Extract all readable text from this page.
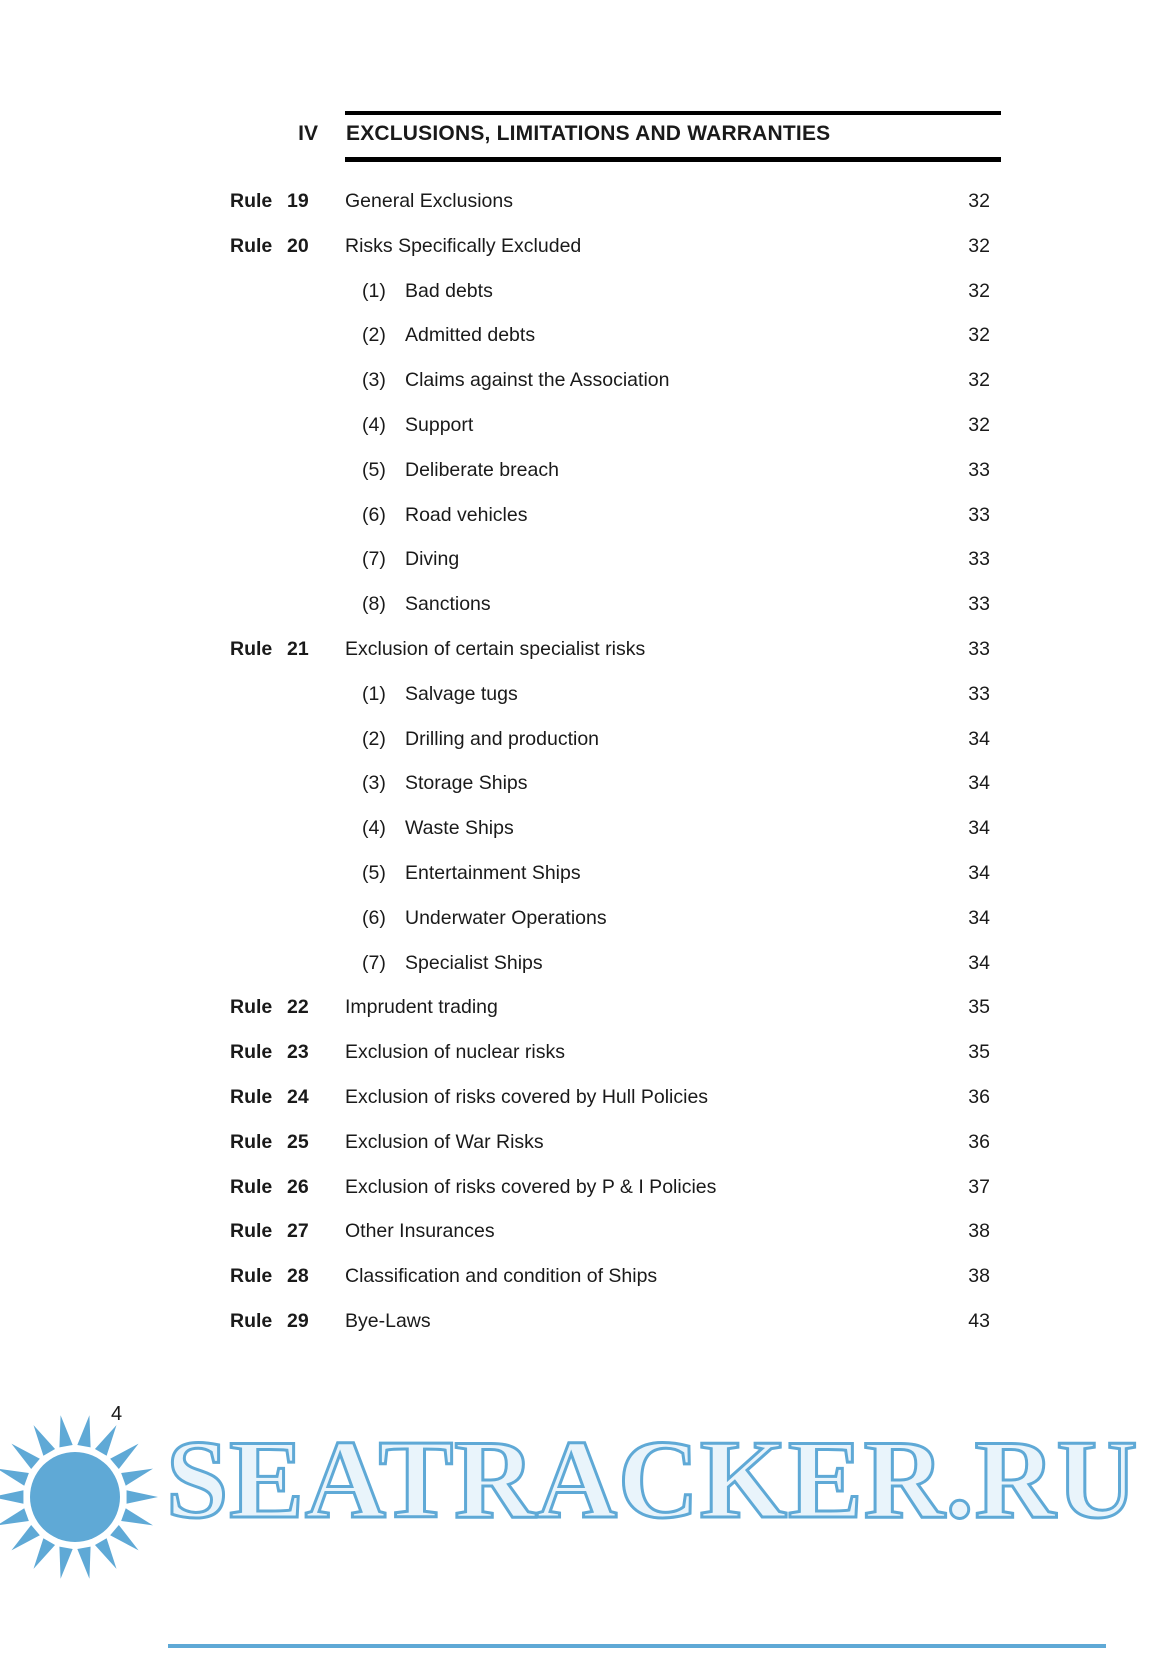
IV EXCLUSIONS, LIMITATIONS AND WARRANTIES
Rule 19	General Exclusions	32
Rule 20	Risks Specifically Excluded	32
(1) Bad debts	32
(2) Admitted debts	32
(3) Claims against the Association	32
(4) Support	32
(5) Deliberate breach	33
(6) Road vehicles	33
(7) Diving	33
(8) Sanctions	33
Rule 21	Exclusion of certain specialist risks	33
(1) Salvage tugs	33
(2) Drilling and production	34
(3) Storage Ships	34
(4) Waste Ships	34
(5) Entertainment Ships	34
(6) Underwater Operations	34
(7) Specialist Ships	34
Rule 22	Imprudent trading	35
Rule 23	Exclusion of nuclear risks	35
Rule 24	Exclusion of risks covered by Hull Policies	36
Rule 25	Exclusion of War Risks	36
Rule 26	Exclusion of risks covered by P & I Policies	37
Rule 27	Other Insurances	38
Rule 28	Classification and condition of Ships	38
Rule 29	Bye-Laws	43
4
SEATRACKER.RU
